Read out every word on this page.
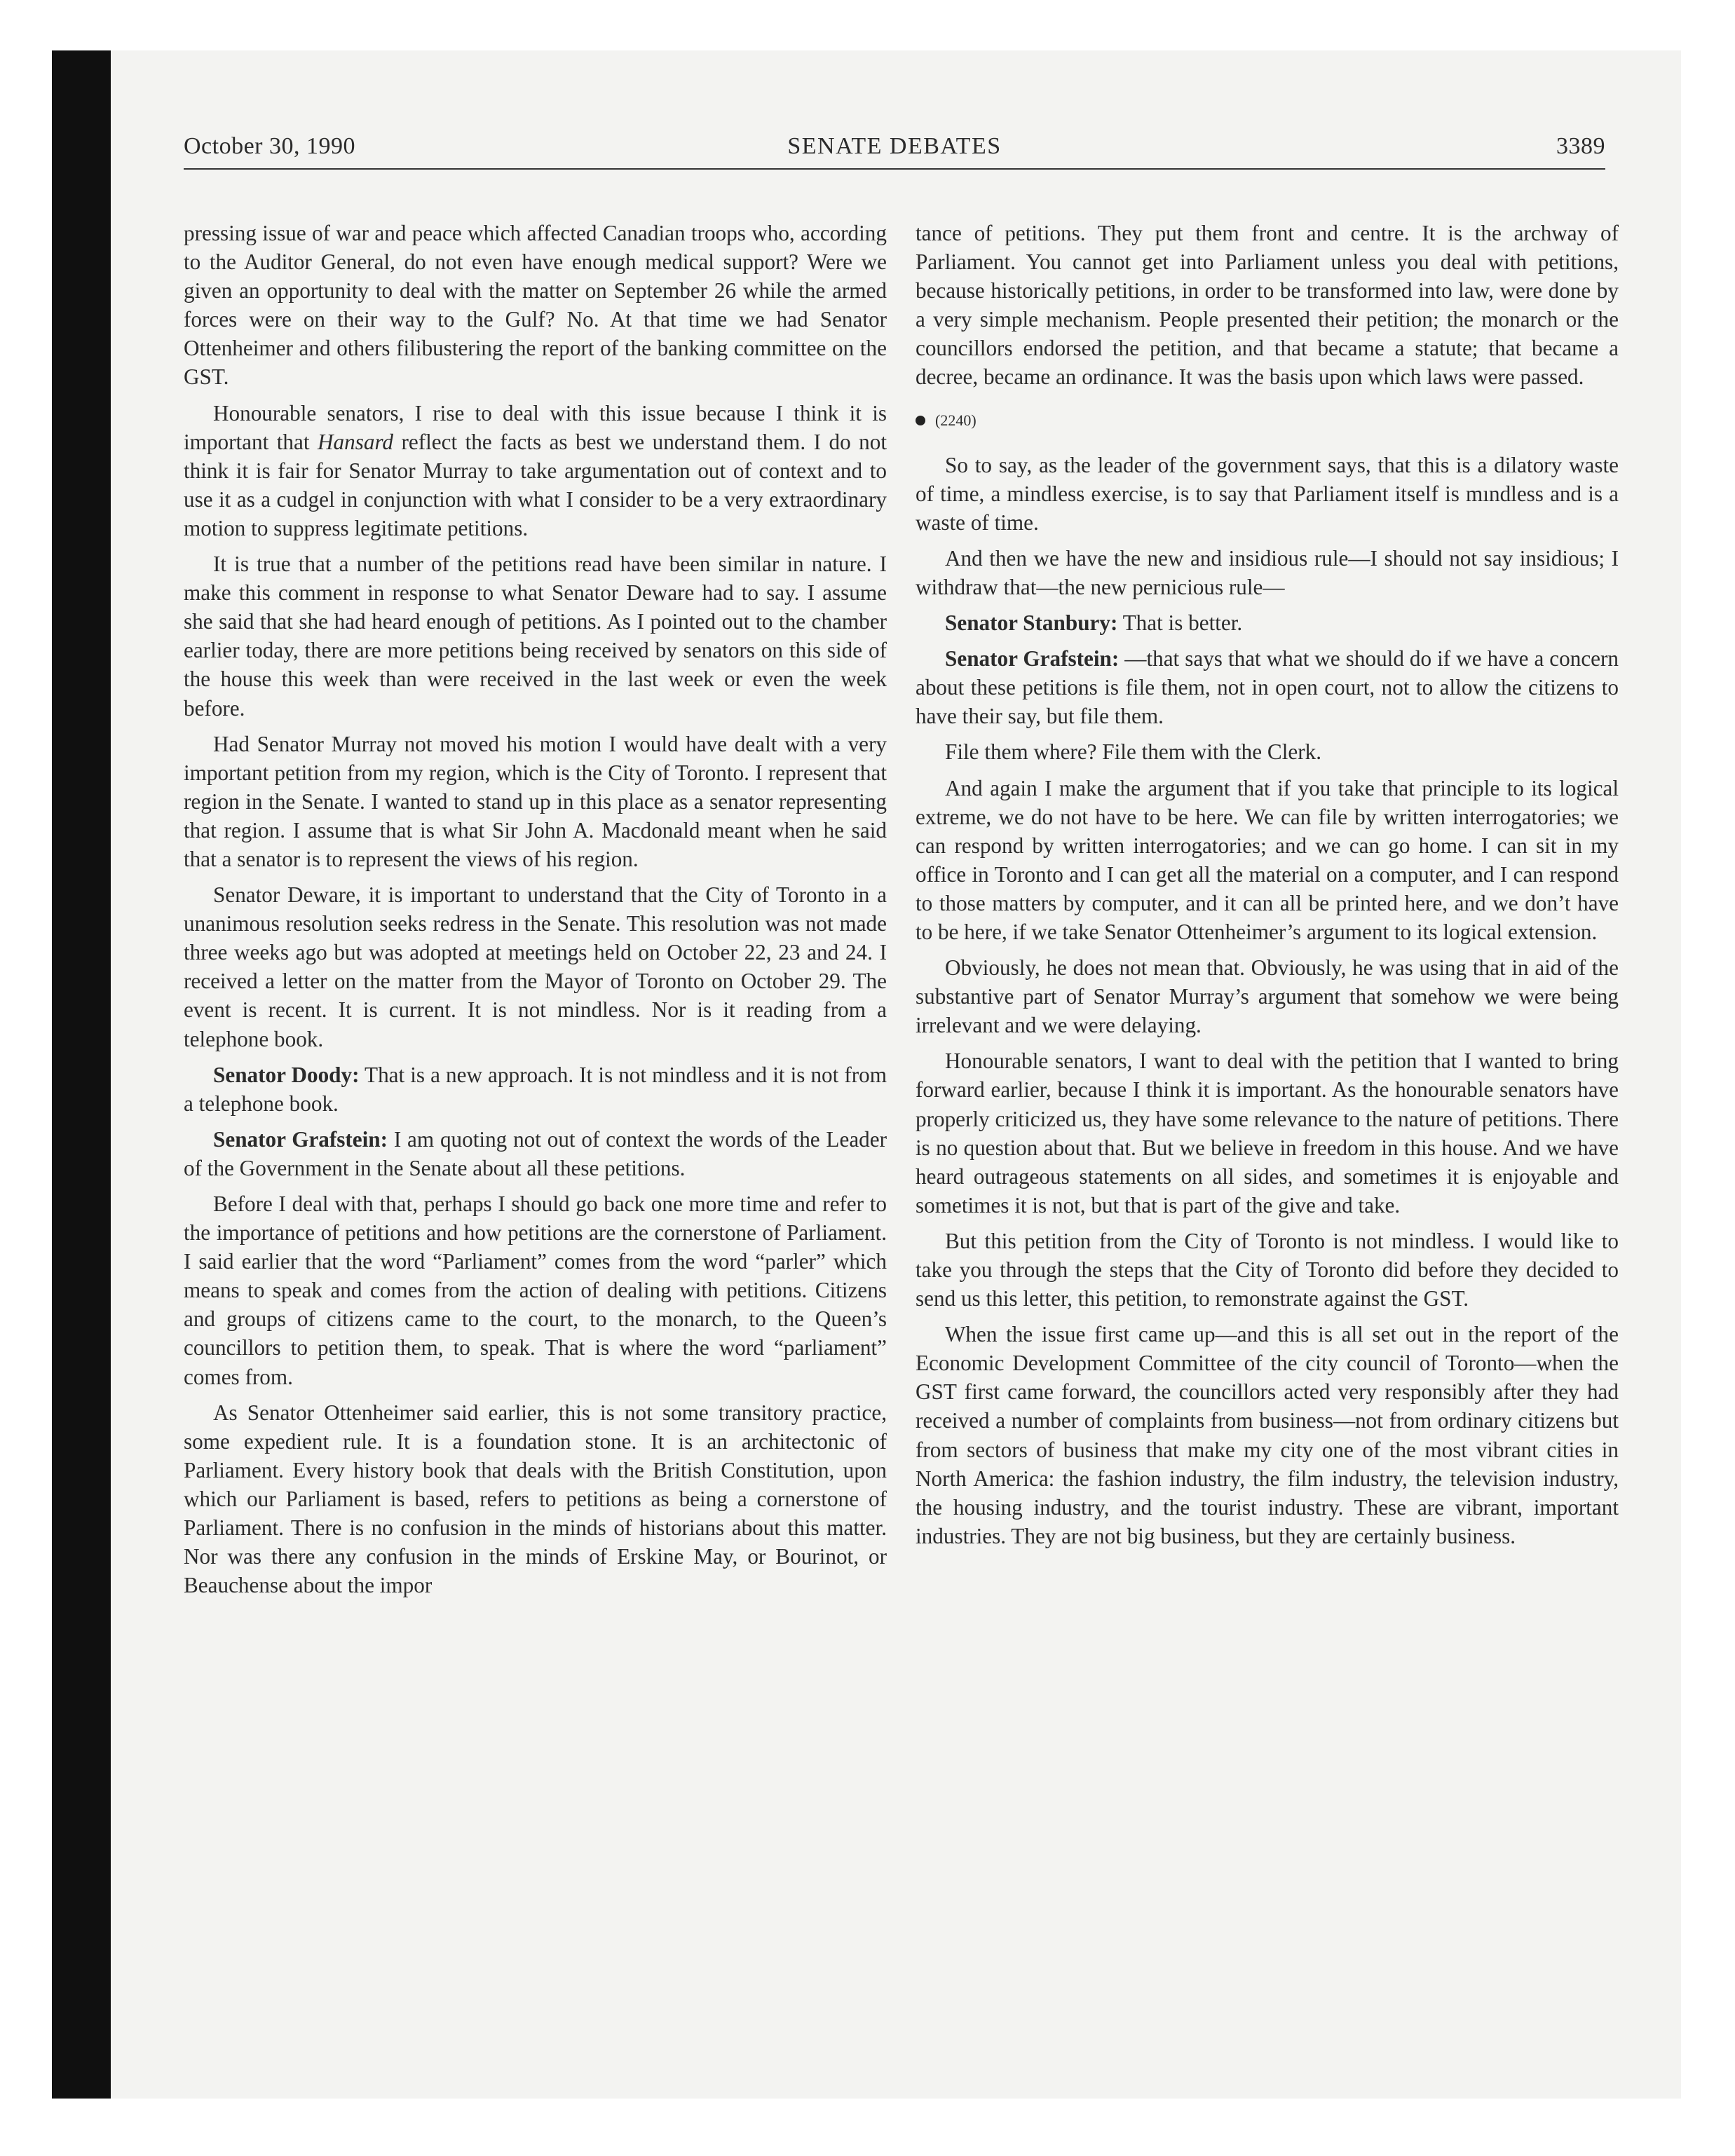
October 30, 1990	SENATE DEBATES	3389

pressing issue of war and peace which affected Canadian troops who, according to the Auditor General, do not even have enough medical support? Were we given an opportunity to deal with the matter on September 26 while the armed forces were on their way to the Gulf? No. At that time we had Senator Ottenheimer and others filibustering the report of the banking committee on the GST.

Honourable senators, I rise to deal with this issue because I think it is important that Hansard reflect the facts as best we understand them. I do not think it is fair for Senator Murray to take argumentation out of context and to use it as a cudgel in conjunction with what I consider to be a very extraordinary motion to suppress legitimate petitions.

It is true that a number of the petitions read have been similar in nature. I make this comment in response to what Senator Deware had to say. I assume she said that she had heard enough of petitions. As I pointed out to the chamber earlier today, there are more petitions being received by senators on this side of the house this week than were received in the last week or even the week before.

Had Senator Murray not moved his motion I would have dealt with a very important petition from my region, which is the City of Toronto. I represent that region in the Senate. I wanted to stand up in this place as a senator representing that region. I assume that is what Sir John A. Macdonald meant when he said that a senator is to represent the views of his region.

Senator Deware, it is important to understand that the City of Toronto in a unanimous resolution seeks redress in the Senate. This resolution was not made three weeks ago but was adopted at meetings held on October 22, 23 and 24. I received a letter on the matter from the Mayor of Toronto on October 29. The event is recent. It is current. It is not mindless. Nor is it reading from a telephone book.

Senator Doody: That is a new approach. It is not mindless and it is not from a telephone book.

Senator Grafstein: I am quoting not out of context the words of the Leader of the Government in the Senate about all these petitions.

Before I deal with that, perhaps I should go back one more time and refer to the importance of petitions and how petitions are the cornerstone of Parliament. I said earlier that the word “Parliament” comes from the word “parler” which means to speak and comes from the action of dealing with petitions. Citizens and groups of citizens came to the court, to the monarch, to the Queen’s councillors to petition them, to speak. That is where the word “parliament” comes from.

As Senator Ottenheimer said earlier, this is not some transitory practice, some expedient rule. It is a foundation stone. It is an architectonic of Parliament. Every history book that deals with the British Constitution, upon which our Parliament is based, refers to petitions as being a cornerstone of Parliament. There is no confusion in the minds of historians about this matter. Nor was there any confusion in the minds of Erskine May, or Bourinot, or Beauchense about the impor

tance of petitions. They put them front and centre. It is the archway of Parliament. You cannot get into Parliament unless you deal with petitions, because historically petitions, in order to be transformed into law, were done by a very simple mechanism. People presented their petition; the monarch or the councillors endorsed the petition, and that became a statute; that became a decree, became an ordinance. It was the basis upon which laws were passed.

(2240)

So to say, as the leader of the government says, that this is a dilatory waste of time, a mindless exercise, is to say that Parliament itself is mındless and is a waste of time.

And then we have the new and insidious rule—I should not say insidious; I withdraw that—the new pernicious rule—

Senator Stanbury: That is better.

Senator Grafstein: —that says that what we should do if we have a concern about these petitions is file them, not in open court, not to allow the citizens to have their say, but file them.

File them where? File them with the Clerk.

And again I make the argument that if you take that principle to its logical extreme, we do not have to be here. We can file by written interrogatories; we can respond by written interrogatories; and we can go home. I can sit in my office in Toronto and I can get all the material on a computer, and I can respond to those matters by computer, and it can all be printed here, and we don’t have to be here, if we take Senator Ottenheimer’s argument to its logical extension.

Obviously, he does not mean that. Obviously, he was using that in aid of the substantive part of Senator Murray’s argument that somehow we were being irrelevant and we were delaying.

Honourable senators, I want to deal with the petition that I wanted to bring forward earlier, because I think it is important. As the honourable senators have properly criticized us, they have some relevance to the nature of petitions. There is no question about that. But we believe in freedom in this house. And we have heard outrageous statements on all sides, and sometimes it is enjoyable and sometimes it is not, but that is part of the give and take.

But this petition from the City of Toronto is not mindless. I would like to take you through the steps that the City of Toronto did before they decided to send us this letter, this petition, to remonstrate against the GST.

When the issue first came up—and this is all set out in the report of the Economic Development Committee of the city council of Toronto—when the GST first came forward, the councillors acted very responsibly after they had received a number of complaints from business—not from ordinary citizens but from sectors of business that make my city one of the most vibrant cities in North America: the fashion industry, the film industry, the television industry, the housing industry, and the tourist industry. These are vibrant, important industries. They are not big business, but they are certainly business.
